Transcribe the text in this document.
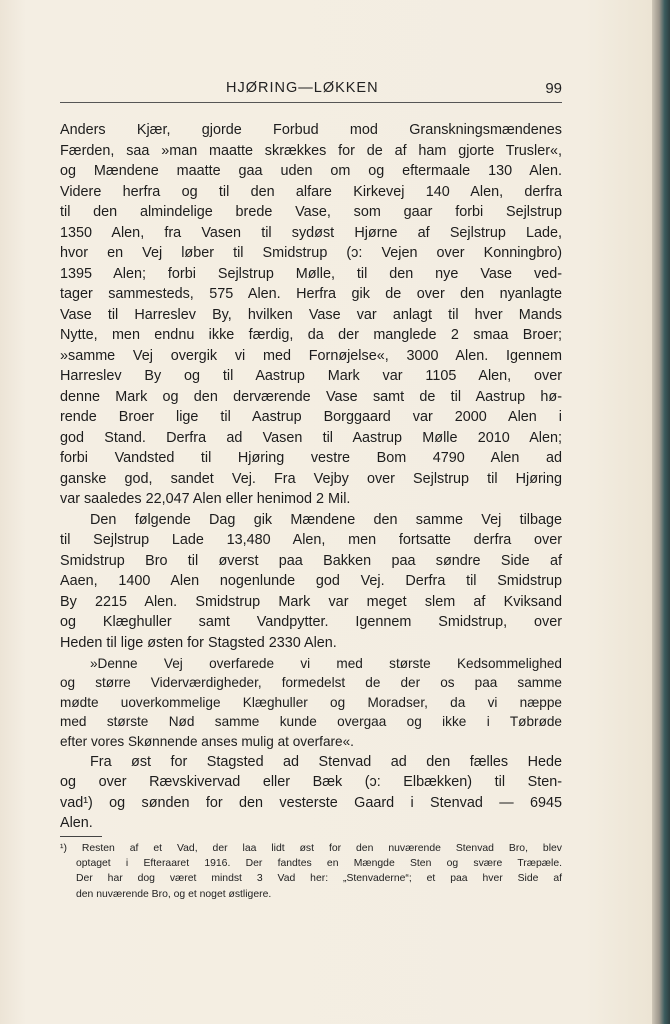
HJØRING—LØKKEN	99
Anders Kjær, gjorde Forbud mod Granskningsmændenes
Færden, saa »man maatte skrækkes for de af ham gjorte Trusler«,
og Mændene maatte gaa uden om og eftermaale 130 Alen.
Videre herfra og til den alfare Kirkevej 140 Alen, derfra
til den almindelige brede Vase, som gaar forbi Sejlstrup
1350 Alen, fra Vasen til sydøst Hjørne af Sejlstrup Lade,
hvor en Vej løber til Smidstrup (ɔ: Vejen over Konningbro)
1395 Alen; forbi Sejlstrup Mølle, til den nye Vase ved-
tager sammesteds, 575 Alen. Herfra gik de over den nyanlagte
Vase til Harreslev By, hvilken Vase var anlagt til hver Mands
Nytte, men endnu ikke færdig, da der manglede 2 smaa Broer;
»samme Vej overgik vi med Fornøjelse«, 3000 Alen. Igennem
Harreslev By og til Aastrup Mark var 1105 Alen, over
denne Mark og den derværende Vase samt de til Aastrup hø-
rende Broer lige til Aastrup Borggaard var 2000 Alen i
god Stand. Derfra ad Vasen til Aastrup Mølle 2010 Alen;
forbi Vandsted til Hjøring vestre Bom 4790 Alen ad
ganske god, sandet Vej. Fra Vejby over Sejlstrup til Hjøring
var saaledes 22,047 Alen eller henimod 2 Mil.
Den følgende Dag gik Mændene den samme Vej tilbage
til Sejlstrup Lade 13,480 Alen, men fortsatte derfra over
Smidstrup Bro til øverst paa Bakken paa søndre Side af
Aaen, 1400 Alen nogenlunde god Vej. Derfra til Smidstrup
By 2215 Alen. Smidstrup Mark var meget slem af Kviksand
og Klæghuller samt Vandpytter. Igennem Smidstrup, over
Heden til lige østen for Stagsted 2330 Alen.
»Denne Vej overfarede vi med største Kedsommelighed
og større Viderværdigheder, formedelst de der os paa samme
mødte uoverkommelige Klæghuller og Moradser, da vi næppe
med største Nød samme kunde overgaa og ikke i Tøbrøde
efter vores Skønnende anses mulig at overfare«.
Fra øst for Stagsted ad Stenvad ad den fælles Hede
og over Rævskivervad eller Bæk (ɔ: Elbækken) til Sten-
vad¹) og sønden for den vesterste Gaard i Stenvad — 6945
Alen.
¹) Resten af et Vad, der laa lidt øst for den nuværende Stenvad Bro, blev
optaget i Efteraaret 1916. Der fandtes en Mængde Sten og svære Træpæle.
Der har dog været mindst 3 Vad her: „Stenvaderne“; et paa hver Side af
den nuværende Bro, og et noget østligere.
